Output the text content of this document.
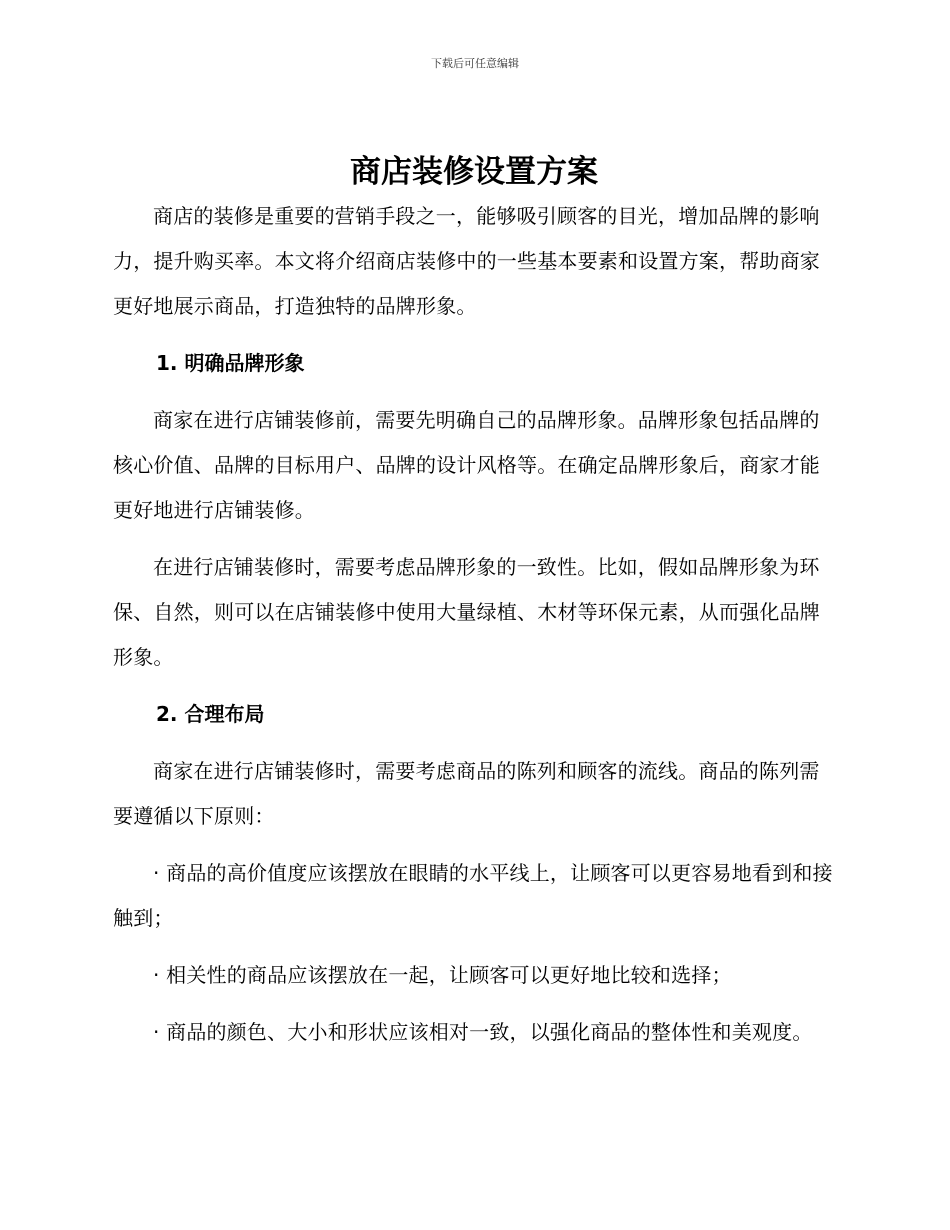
下载后可任意编辑
商店装修设置方案

商店的装修是重要的营销手段之一，能够吸引顾客的目光，增加品牌的影响力，提升购买率。本文将介绍商店装修中的一些基本要素和设置方案，帮助商家更好地展示商品，打造独特的品牌形象。

1. 明确品牌形象

商家在进行店铺装修前，需要先明确自己的品牌形象。品牌形象包括品牌的核心价值、品牌的目标用户、品牌的设计风格等。在确定品牌形象后，商家才能更好地进行店铺装修。

在进行店铺装修时，需要考虑品牌形象的一致性。比如，假如品牌形象为环保、自然，则可以在店铺装修中使用大量绿植、木材等环保元素，从而强化品牌形象。

2. 合理布局

商家在进行店铺装修时，需要考虑商品的陈列和顾客的流线。商品的陈列需要遵循以下原则：

· 商品的高价值度应该摆放在眼睛的水平线上，让顾客可以更容易地看到和接触到；

· 相关性的商品应该摆放在一起，让顾客可以更好地比较和选择；

· 商品的颜色、大小和形状应该相对一致，以强化商品的整体性和美观度。
